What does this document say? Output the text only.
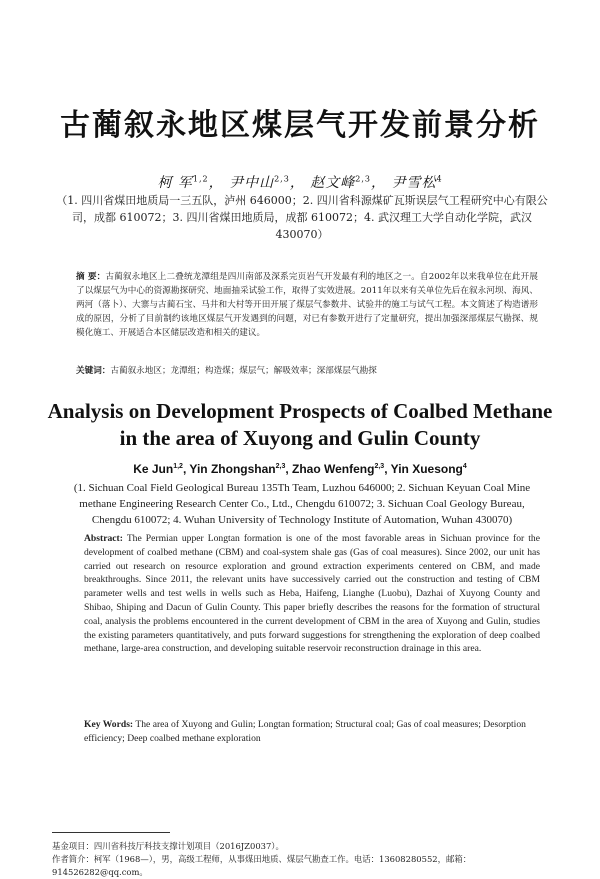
古蔺叙永地区煤层气开发前景分析
柯 军$^{1,2}$， 尹中山$^{2,3}$， 赵文峰$^{2,3}$， 尹雪松$^4$
（1. 四川省煤田地质局一三五队，泸州 646000；2. 四川省科源煤矿瓦斯误层气工程研究中心有限公司，成都 610072；3. 四川省煤田地质局，成都 610072；4. 武汉理工大学自动化学院，武汉 430070）
摘 要：古蔺叙永地区上二叠统龙潭组是四川南部及深系完页岩气开发最有利的地区之一。自2002年以来我单位在此开展了以煤层气为中心的资源勘探研究、地面抽采试验工作，取得了实效进展。2011年以来有关单位先后在叙永河坝、海风、两河（落卜）、大寨与古蔺石宝、马井和大村等开田开展了煤层气参数井、试验井的施工与试气工程。本文简述了构造谱形成的原因，分析了目前制约该地区煤层气开发遇到的问题，对已有参数开进行了定量研究，提出加强深部煤层气勘探、规模化施工、开展适合本区储层改造和相关的建议。
关键词：古蔺叙永地区；龙潭组；构造煤；煤层气；解吸效率；深部煤层气勘探
Analysis on Development Prospects of Coalbed Methane in the area of Xuyong and Gulin County
Ke Jun$^{1,2}$, Yin Zhongshan$^{2,3}$, Zhao Wenfeng$^{2,3}$, Yin Xuesong$^4$
(1. Sichuan Coal Field Geological Bureau 135Th Team, Luzhou 646000; 2. Sichuan Keyuan Coal Mine methane Engineering Research Center Co., Ltd., Chengdu 610072; 3. Sichuan Coal Geology Bureau, Chengdu 610072; 4. Wuhan University of Technology Institute of Automation, Wuhan 430070)
Abstract: The Permian upper Longtan formation is one of the most favorable areas in Sichuan province for the development of coalbed methane (CBM) and coal-system shale gas (Gas of coal measures). Since 2002, our unit has carried out research on resource exploration and ground extraction experiments centered on CBM, and made breakthroughs. Since 2011, the relevant units have successively carried out the construction and testing of CBM parameter wells and test wells in wells such as Heba, Haifeng, Lianghe (Luobu), Dazhai of Xuyong County and Shibao, Shiping and Dacun of Gulin County. This paper briefly describes the reasons for the formation of structural coal, analysis the problems encountered in the current development of CBM in the area of Xuyong and Gulin, studies the existing parameters quantitatively, and puts forward suggestions for strengthening the exploration of deep coalbed methane, large-area construction, and developing suitable reservoir reconstruction drainage in this area.
Key Words: The area of Xuyong and Gulin; Longtan formation; Structural coal; Gas of coal measures; Desorption efficiency; Deep coalbed methane exploration
基金项目：四川省科技厅科技支撑计划项目（2016JZ0037）。
作者简介：柯军（1968—），男，高级工程师，从事煤田地质、煤层气勘查工作。电话：13608280552，邮箱：914526282@qq.com。
